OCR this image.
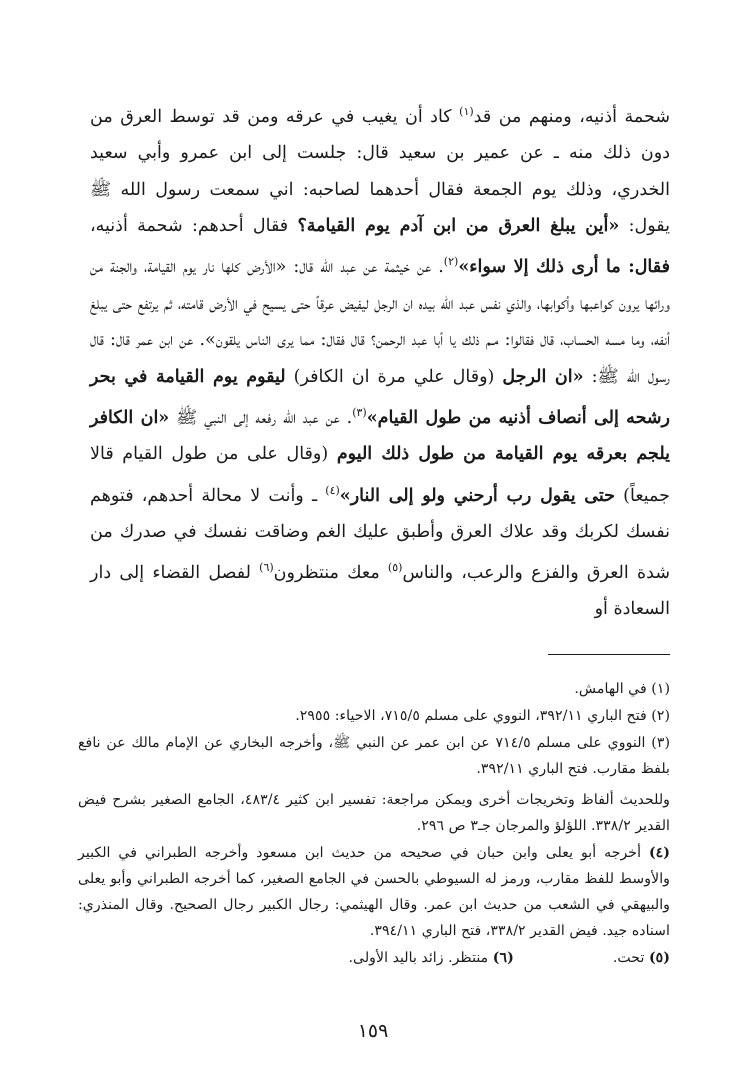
شحمة أذنيه، ومنهم من قد$^{(١)}$ كاد أن يغيب في عرقه ومن قد توسط العرق من دون ذلك منه ـ عن عمير بن سعيد قال: جلست إلى ابن عمرو وأبي سعيد الخدري، وذلك يوم الجمعة فقال أحدهما لصاحبه: اني سمعت رسول الله ﷺ يقول: «أين يبلغ العرق من ابن آدم يوم القيامة؟ فقال أحدهم: شحمة أذنيه، فقال: ما أرى ذلك إلا سواء»$^{(٢)}$. عن خيثمة عن عبد الله قال: «الأرض كلها نار يوم القيامة، والجنة من ورائها يرون كواعبها وأكوابها، والذي نفس عبد الله بيده ان الرجل ليفيض عرقاً حتى يسيح في الأرض قامته، ثم يرتفع حتى يبلغ أنفه، وما مسه الحساب، قال فقالوا: مـم ذلك يا أبا عبد الرحمن؟ قال فقال: مما يرى الناس يلقون». عن ابن عمر قال: قال رسول الله ﷺ: «ان الرجل (وقال علي مرة ان الكافر) ليقوم يوم القيامة في بحر رشحه إلى أنصاف أذنيه من طول القيام»$^{(٣)}$. عن عبد الله رفعه إلى النبي ﷺ «ان الكافر يلجم بعرقه يوم القيامة من طول ذلك اليوم (وقال على من طول القيام قالا جميعاً) حتى يقول رب أرحني ولو إلى النار»$^{(٤)}$ ـ وأنت لا محالة أحدهم، فتوهم نفسك لكربك وقد علاك العرق وأطبق عليك الغم وضاقت نفسك في صدرك من شدة العرق والفزع والرعب، والناس$^{(٥)}$ معك منتظرون$^{(٦)}$ لفصل القضاء إلى دار السعادة أو

(١) في الهامش.

(٢) فتح الباري ٣٩٢/١١، النووي على مسلم ٧١٥/٥، الاحياء: ٢٩٥٥.

(٣) النووي على مسلم ٧١٤/٥ عن ابن عمر عن النبي ﷺ، وأخرجه البخاري عن الإمام مالك عن نافع بلفظ مقارب. فتح الباري ٣٩٢/١١.

وللحديث ألفاظ وتخريجات أخرى ويمكن مراجعة: تفسير ابن كثير ٤٨٣/٤، الجامع الصغير بشرح فيض القدير ٣٣٨/٢. اللؤلؤ والمرجان جـ٣ ص ٢٩٦.

(٤) أخرجه أبو يعلى وابن حبان في صحيحه من حديث ابن مسعود وأخرجه الطبراني في الكبير والأوسط للفظ مقارب، ورمز له السيوطي بالحسن في الجامع الصغير، كما أخرجه الطبراني وأبو يعلى والبيهقي في الشعب من حديث ابن عمر. وقال الهيثمي: رجال الكبير رجال الصحيح. وقال المنذري: اسناده جيد. فيض القدير ٣٣٨/٢، فتح الباري ٣٩٤/١١.

(٥) تحت.  (٦) منتظر. زائد باليد الأولى.

١٥٩
